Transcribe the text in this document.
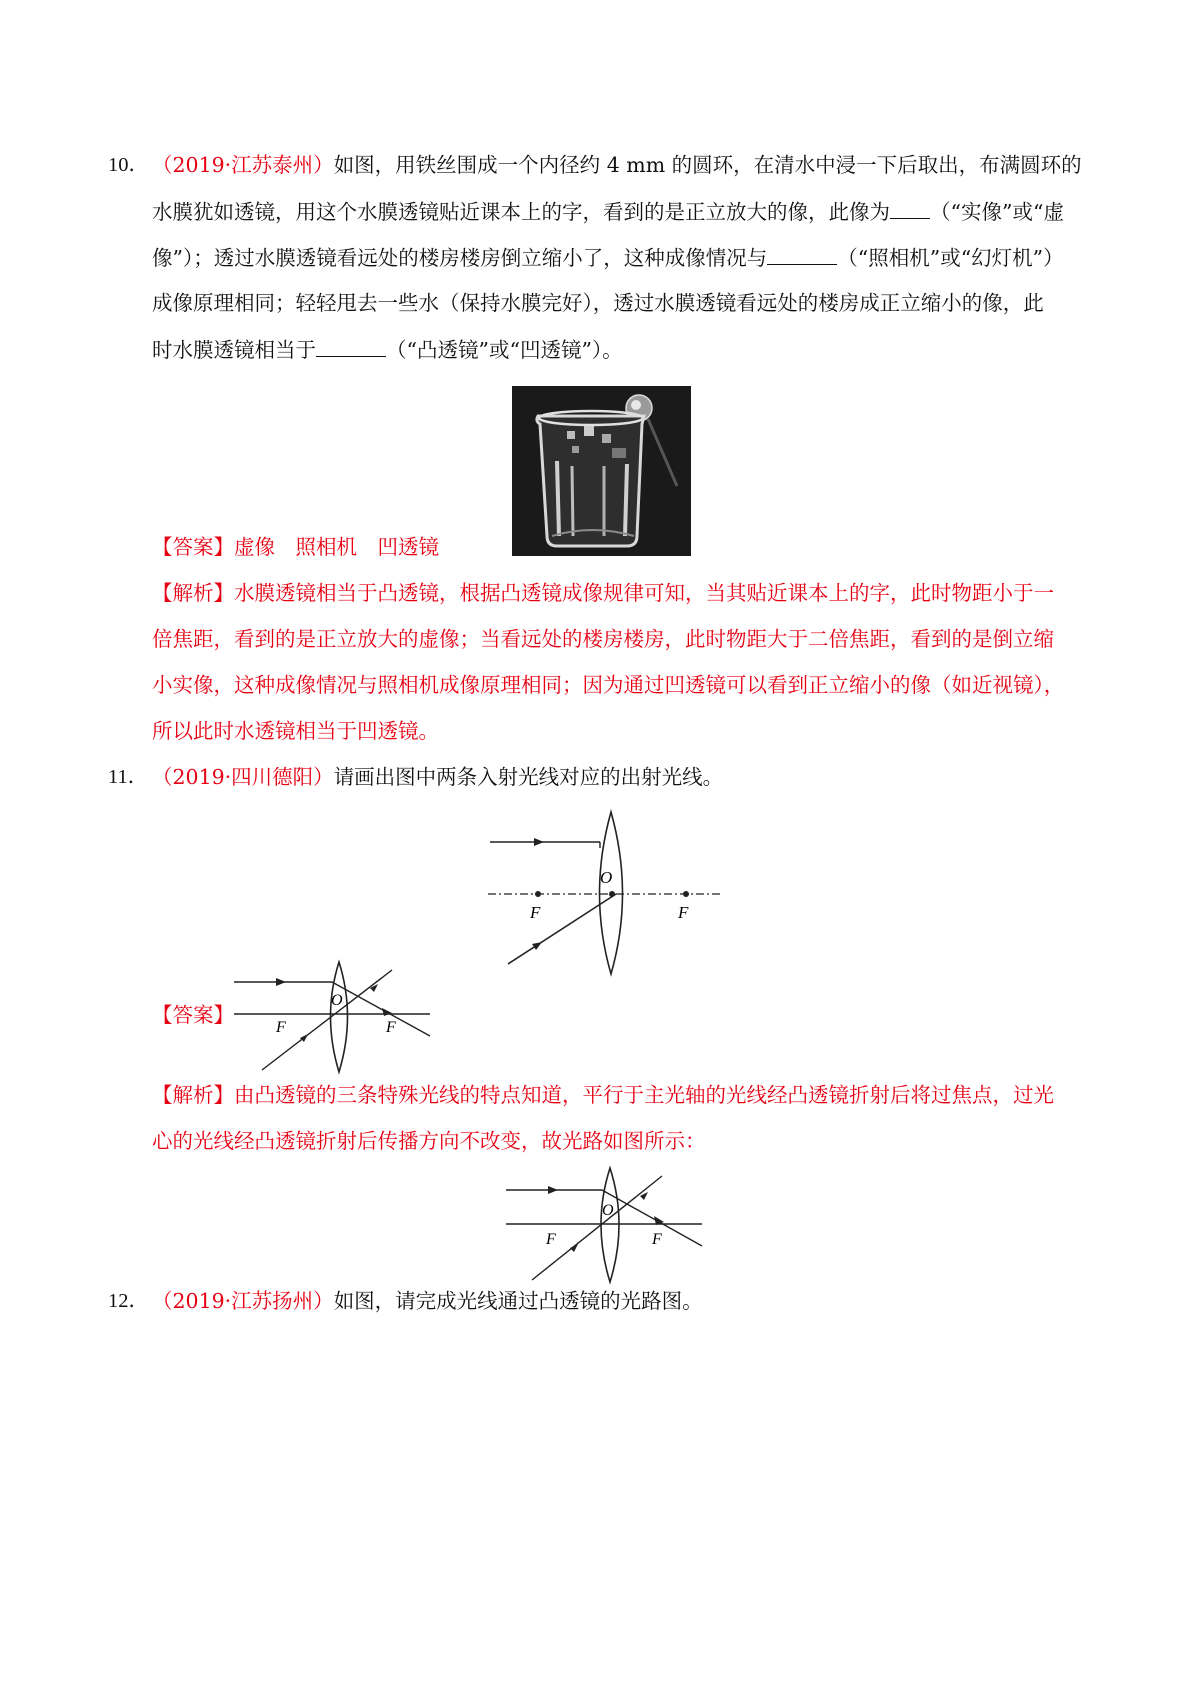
10． （2019·江苏泰州）如图，用铁丝围成一个内径约 4 mm 的圆环，在清水中浸一下后取出，布满圆环的
水膜犹如透镜，用这个水膜透镜贴近课本上的字，看到的是正立放大的像，此像为 （“实像”或“虚
像”）；透过水膜透镜看远处的楼房楼房倒立缩小了，这种成像情况与	（“照相机”或“幻灯机”）
成像原理相同；轻轻甩去一些水（保持水膜完好），透过水膜透镜看远处的楼房成正立缩小的像，此
时水膜透镜相当于	（“凸透镜”或“凹透镜”）。
【答案】虚像　照相机　凹透镜
【解析】水膜透镜相当于凸透镜，根据凸透镜成像规律可知，当其贴近课本上的字，此时物距小于一
倍焦距，看到的是正立放大的虚像；当看远处的楼房楼房，此时物距大于二倍焦距，看到的是倒立缩
小实像，这种成像情况与照相机成像原理相同；因为通过凹透镜可以看到正立缩小的像（如近视镜），
所以此时水透镜相当于凹透镜。
11． （2019·四川德阳）请画出图中两条入射光线对应的出射光线。
O
F	F
【答案】
O
F	F
【解析】由凸透镜的三条特殊光线的特点知道，平行于主光轴的光线经凸透镜折射后将过焦点，过光
心的光线经凸透镜折射后传播方向不改变，故光路如图所示：
O
F	F
12． （2019·江苏扬州）如图，请完成光线通过凸透镜的光路图。
